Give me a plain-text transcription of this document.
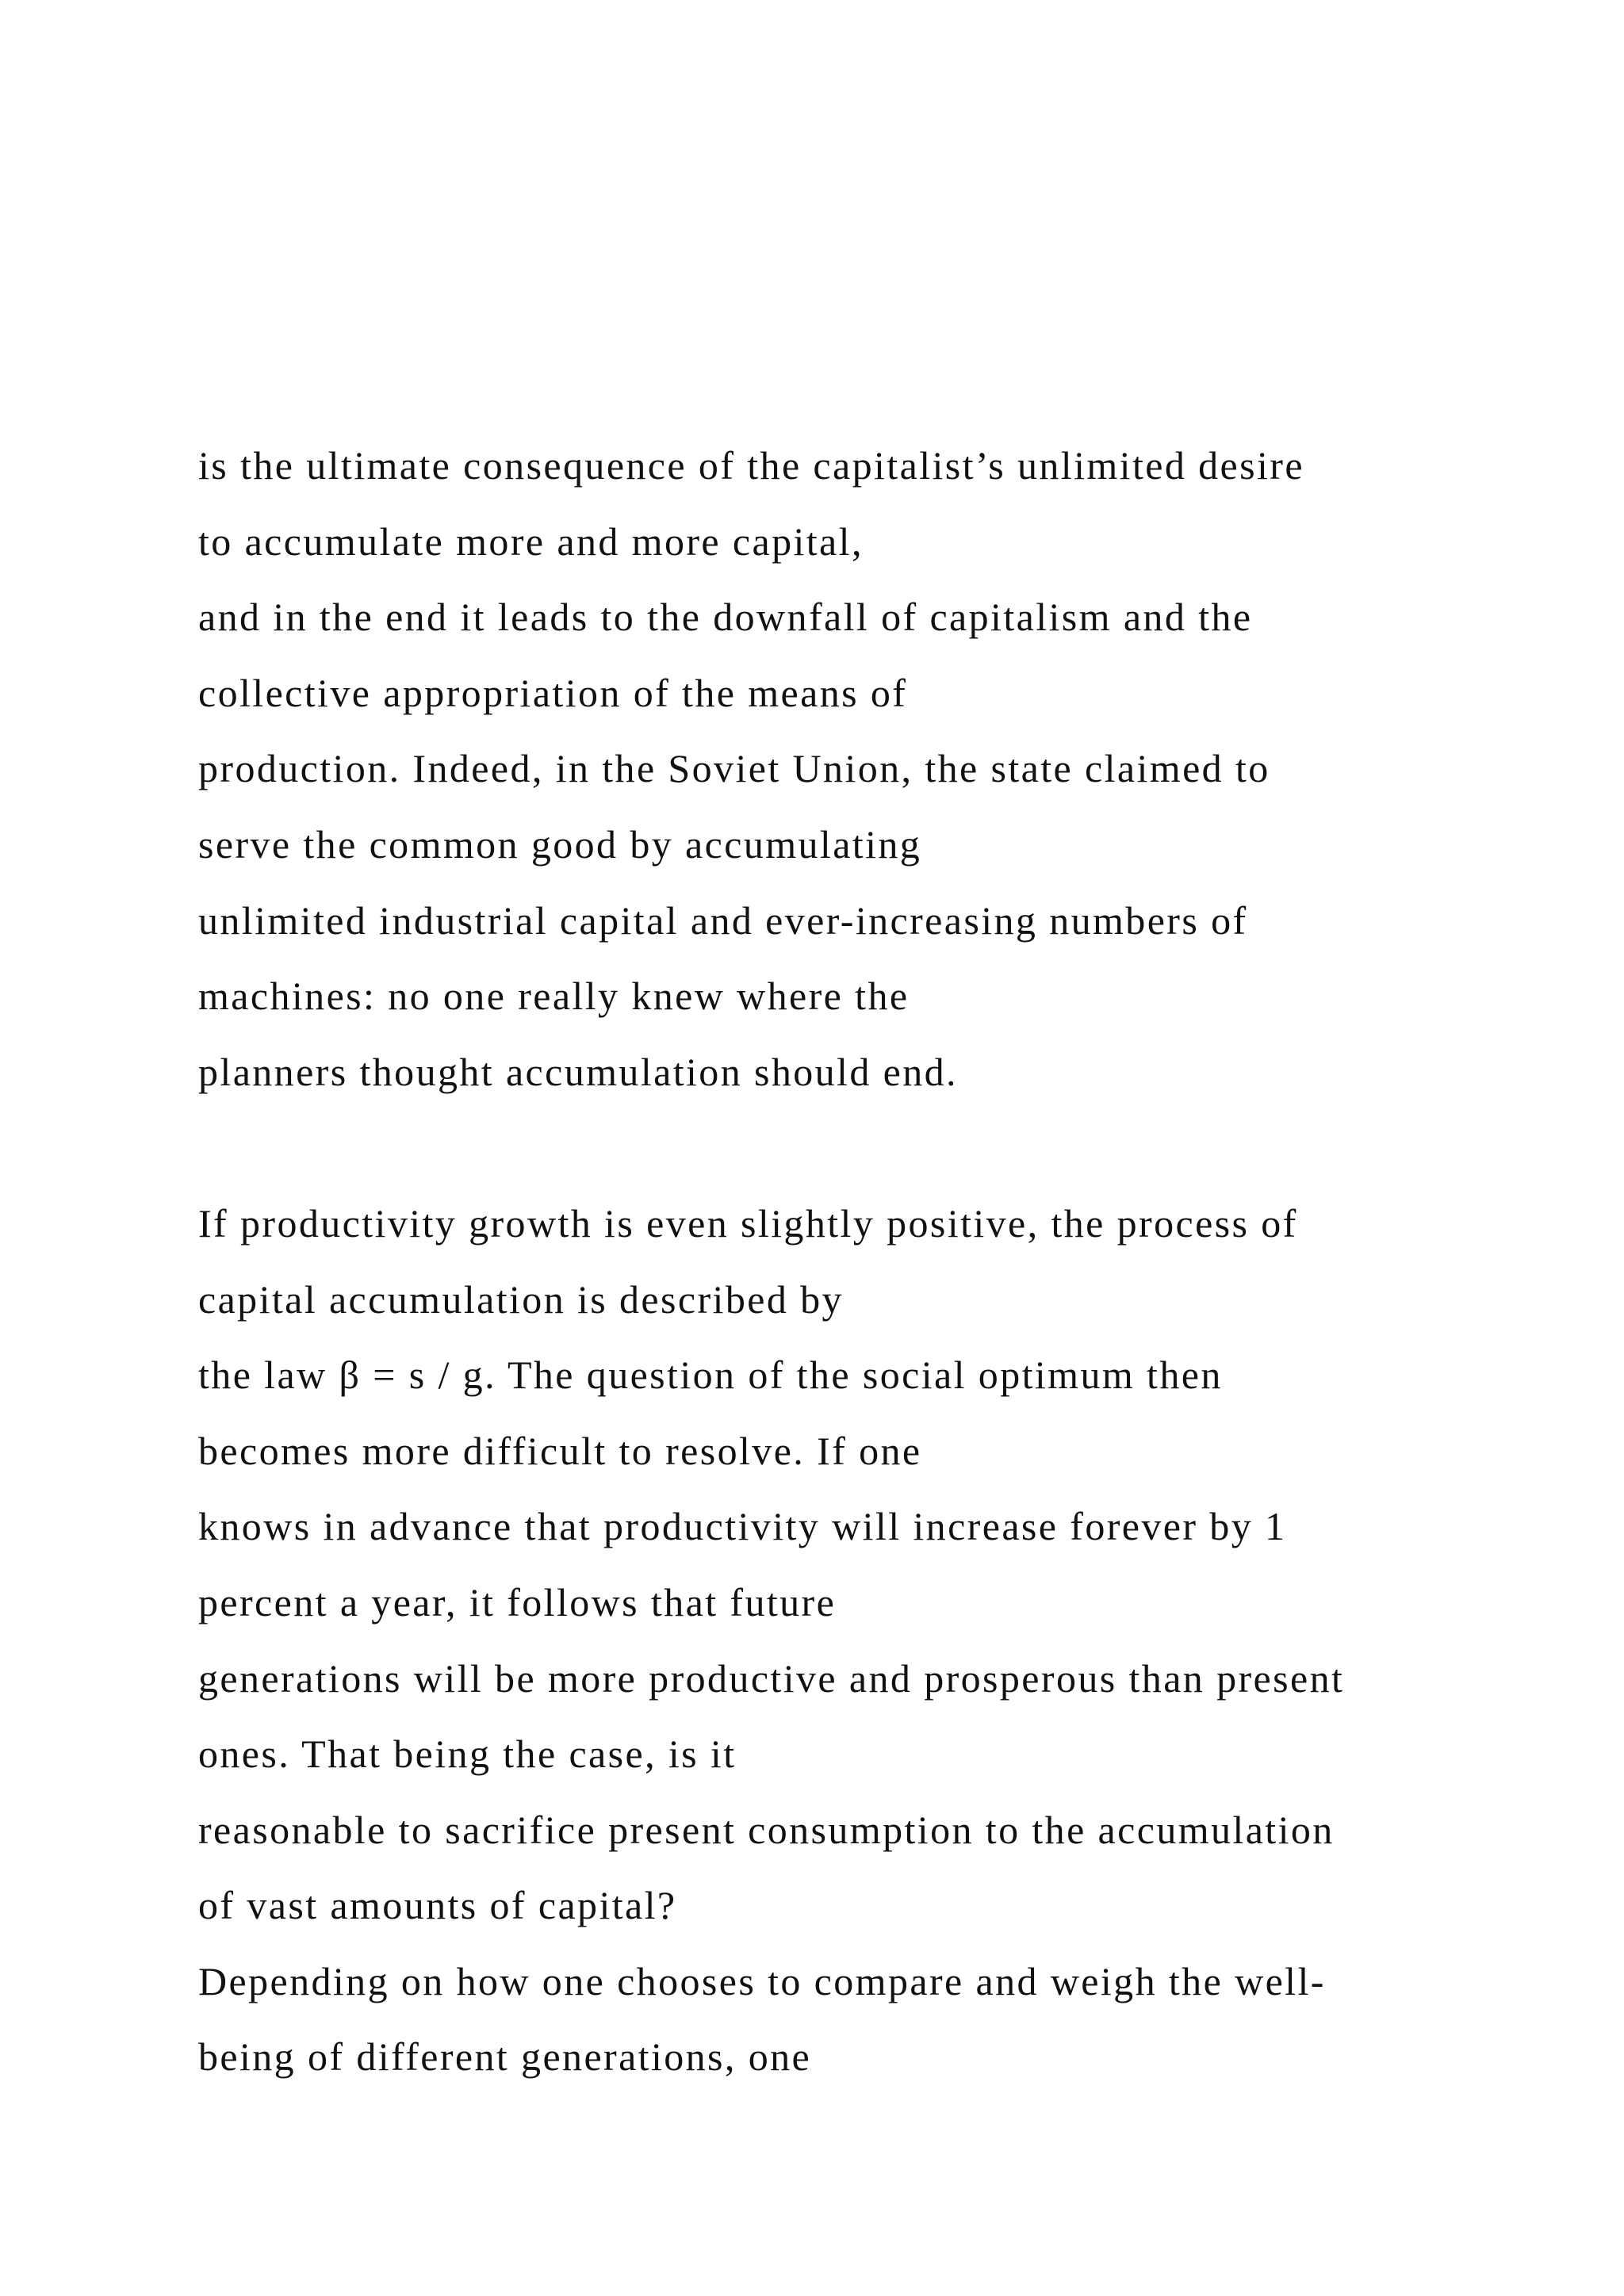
is the ultimate consequence of the capitalist’s unlimited desire
to accumulate more and more capital,
and in the end it leads to the downfall of capitalism and the
collective appropriation of the means of
production. Indeed, in the Soviet Union, the state claimed to
serve the common good by accumulating
unlimited industrial capital and ever-increasing numbers of
machines: no one really knew where the
planners thought accumulation should end.
If productivity growth is even slightly positive, the process of
capital accumulation is described by
the law β = s / g. The question of the social optimum then
becomes more difficult to resolve. If one
knows in advance that productivity will increase forever by 1
percent a year, it follows that future
generations will be more productive and prosperous than present
ones. That being the case, is it
reasonable to sacrifice present consumption to the accumulation
of vast amounts of capital?
Depending on how one chooses to compare and weigh the well-
being of different generations, one
